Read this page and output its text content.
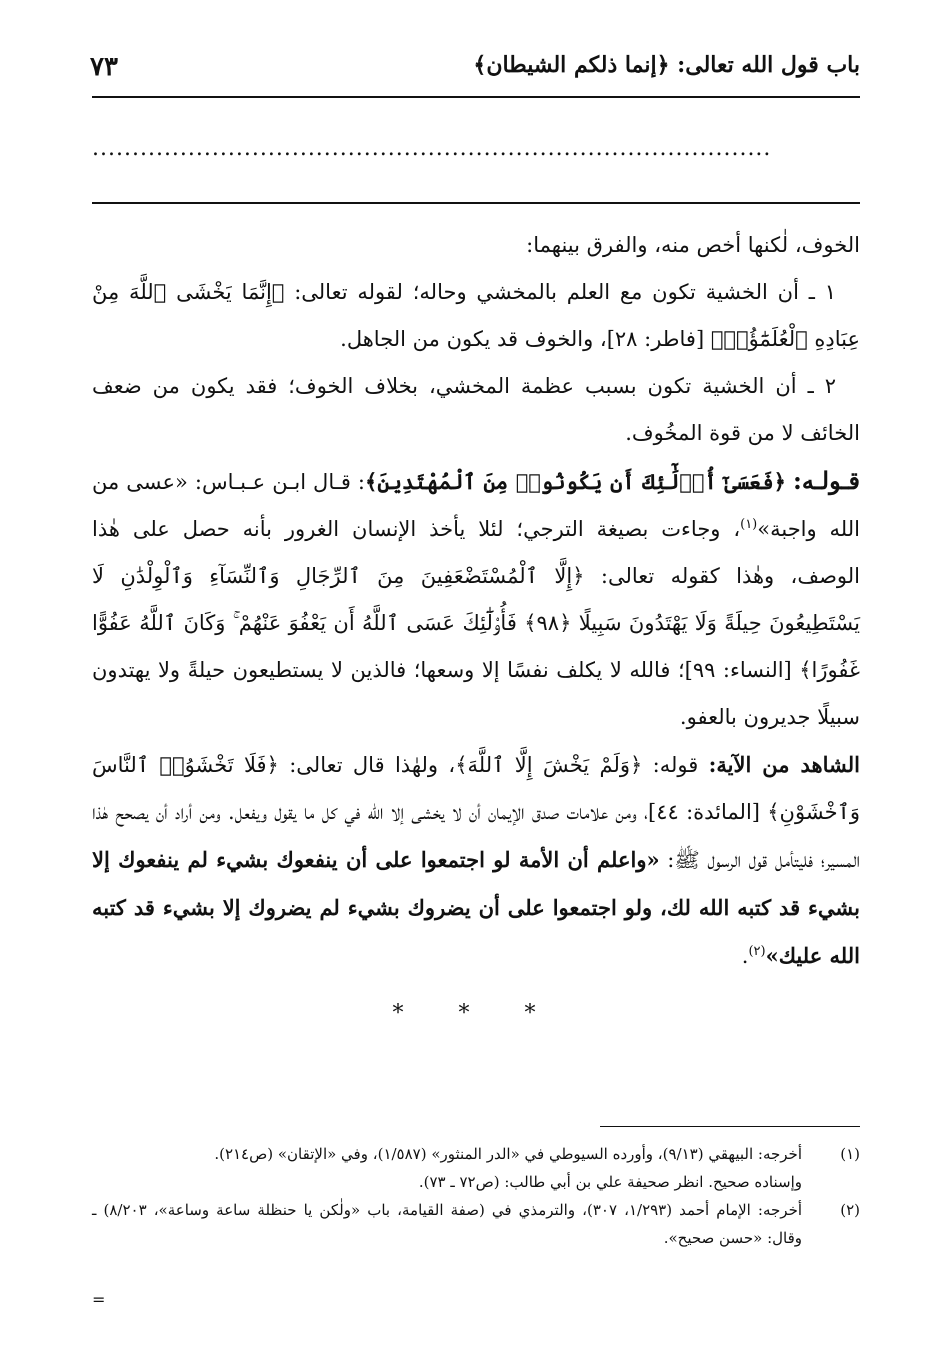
باب قول الله تعالى: ﴿إنما ذلكم الشيطان﴾
٧٣
.....................................................................................

الخوف، لٰكنها أخص منه، والفرق بينهما:

١ ـ أن الخشية تكون مع العلم بالمخشي وحاله؛ لقوله تعالى: ﴿إِنَّمَا يَخْشَى ٱللَّهَ مِنْ عِبَادِهِ ٱلْعُلَمَٰٓؤُا۟﴾ [فاطر: ٢٨]، والخوف قد يكون من الجاهل.

٢ ـ أن الخشية تكون بسبب عظمة المخشي، بخلاف الخوف؛ فقد يكون من ضعف الخائف لا من قوة المخُوف.

قـولـه: ﴿فَعَسَىٰٓ أُو۟لَٰٓئِكَ أَن يَكُونُوا۟ مِنَ ٱلْمُهْتَدِينَ﴾: قـال ابـن عـبـاس: «عسى من الله واجبة»$^{(١)}$، وجاءت بصيغة الترجي؛ لئلا يأخذ الإنسان الغرور بأنه حصل على هٰذا الوصف، وهٰذا كقوله تعالى: ﴿إِلَّا ٱلْمُسْتَضْعَفِينَ مِنَ ٱلرِّجَالِ وَٱلنِّسَآءِ وَٱلْوِلْدَٰنِ لَا يَسْتَطِيعُونَ حِيلَةً وَلَا يَهْتَدُونَ سَبِيلًا ﴿٩٨﴾ فَأُو۟لَٰٓئِكَ عَسَى ٱللَّهُ أَن يَعْفُوَ عَنْهُمْ ۚ وَكَانَ ٱللَّهُ عَفُوًّا غَفُورًا﴾ [النساء: ٩٩]؛ فالله لا يكلف نفسًا إلا وسعها؛ فالذين لا يستطيعون حيلةً ولا يهتدون سبيلًا جديرون بالعفو.

الشاهد من الآية: قوله: ﴿وَلَمْ يَخْشَ إِلَّا ٱللَّهَ﴾، ولهٰذا قال تعالى: ﴿فَلَا تَخْشَوُا۟ ٱلنَّاسَ وَٱخْشَوْنِ﴾ [المائدة: ٤٤]، ومن علامات صدق الإيمان أن لا يخشى إلا الله في كل ما يقول ويفعل. ومن أراد أن يصحح هٰذا المسير؛ فليتأمل قول الرسول ﷺ: «واعلم أن الأمة لو اجتمعوا على أن ينفعوك بشيء لم ينفعوك إلا بشيء قد كتبه الله لك، ولو اجتمعوا على أن يضروك بشيء لم يضروك إلا بشيء قد كتبه الله عليك»$^{(٢)}$.

* * *

(١)
أخرجه: البيهقي (٩/١٣)، وأورده السيوطي في «الدر المنثور» (١/٥٨٧)، وفي «الإتقان» (ص٢١٤).

وإسناده صحيح. انظر صحيفة علي بن أبي طالب: (ص٧٢ ـ ٧٣).

(٢)
أخرجه: الإمام أحمد (١/٢٩٣، ٣٠٧)، والترمذي في (صفة القيامة، باب «ولٰكن يا حنظلة ساعة وساعة»، ٨/٢٠٣) ـ وقال: «حسن صحيح».

=
